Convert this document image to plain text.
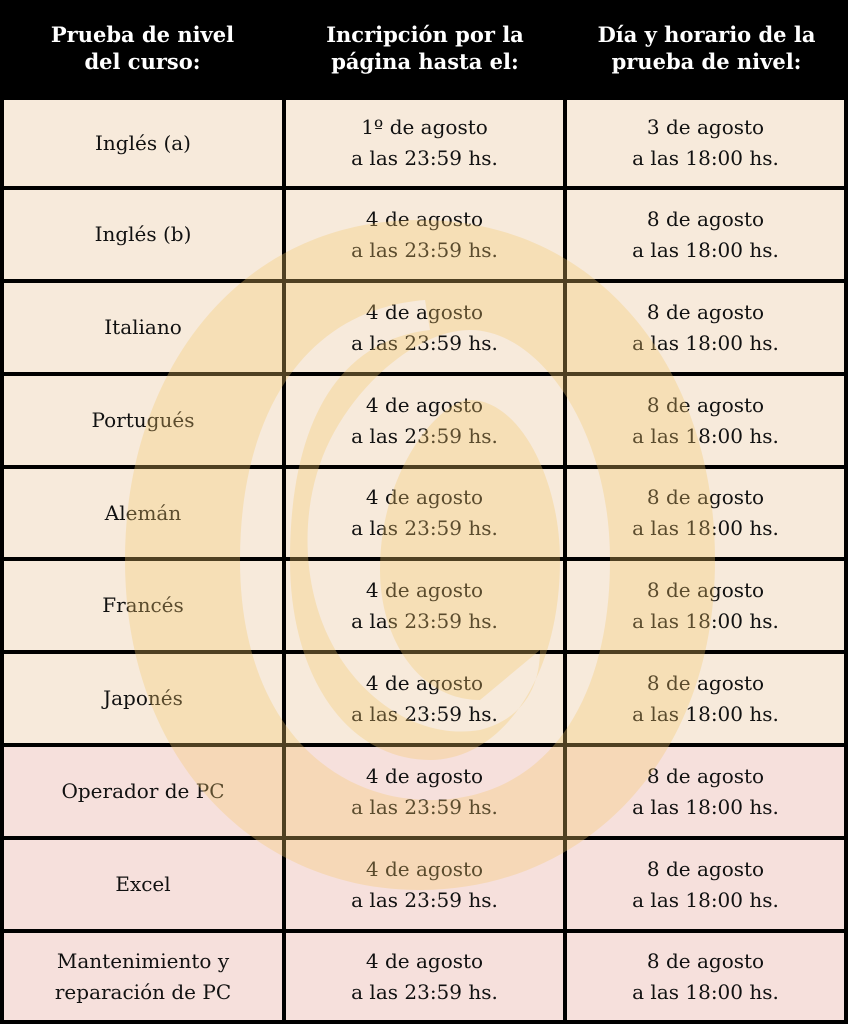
Prueba de nivel
del curso:
Incripción por la
página hasta el:
Día y horario de la
prueba de nivel:
Inglés (a)
1º de agosto
a las 23:59 hs.
3 de agosto
a las 18:00 hs.
Inglés (b)
4 de agosto
a las 23:59 hs.
8 de agosto
a las 18:00 hs.
Italiano
4 de agosto
a las 23:59 hs.
8 de agosto
a las 18:00 hs.
Portugués
4 de agosto
a las 23:59 hs.
8 de agosto
a las 18:00 hs.
Alemán
4 de agosto
a las 23:59 hs.
8 de agosto
a las 18:00 hs.
Francés
4 de agosto
a las 23:59 hs.
8 de agosto
a las 18:00 hs.
Japonés
4 de agosto
a las 23:59 hs.
8 de agosto
a las 18:00 hs.
Operador de PC
4 de agosto
a las 23:59 hs.
8 de agosto
a las 18:00 hs.
Excel
4 de agosto
a las 23:59 hs.
8 de agosto
a las 18:00 hs.
Mantenimiento y
reparación de PC
4 de agosto
a las 23:59 hs.
8 de agosto
a las 18:00 hs.
